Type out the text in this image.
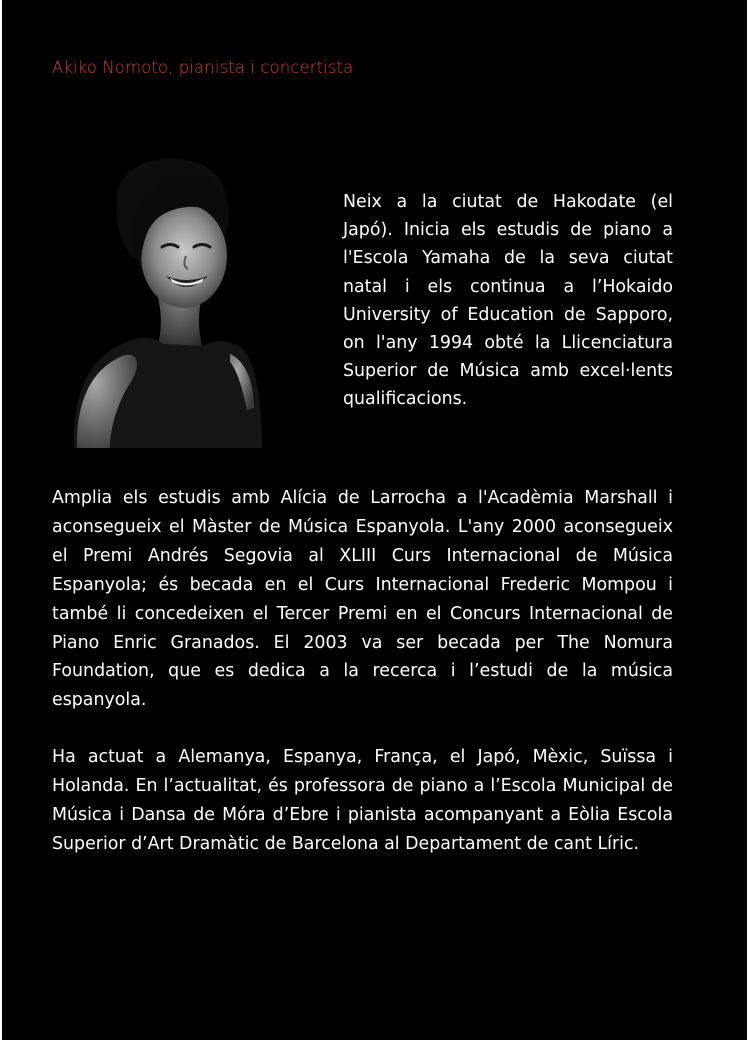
Akiko Nomoto, pianista i concertista

Neix a la ciutat de Hakodate (el Japó). Inicia els estudis de piano a l'Escola Yamaha de la seva ciutat natal i els continua a l’Hokaido University of Education de Sapporo, on l'any 1994 obté la Llicenciatura Superior de Música amb excel·lents qualificacions.

Amplia els estudis amb Alícia de Larrocha a l'Acadèmia Marshall i aconsegueix el Màster de Música Espanyola. L'any 2000 aconsegueix el Premi Andrés Segovia al XLIII Curs Internacional de Música Espanyola; és becada en el Curs Internacional Frederic Mompou i també li concedeixen el Tercer Premi en el Concurs Internacional de Piano Enric Granados. El 2003 va ser becada per The Nomura Foundation, que es dedica a la recerca i l’estudi de la música espanyola.

Ha actuat a Alemanya, Espanya, França, el Japó, Mèxic, Suïssa i Holanda. En l’actualitat, és professora de piano a l’Escola Municipal de Música i Dansa de Móra d’Ebre i pianista acompanyant a Eòlia Escola Superior d’Art Dramàtic de Barcelona al Departament de cant Líric.
